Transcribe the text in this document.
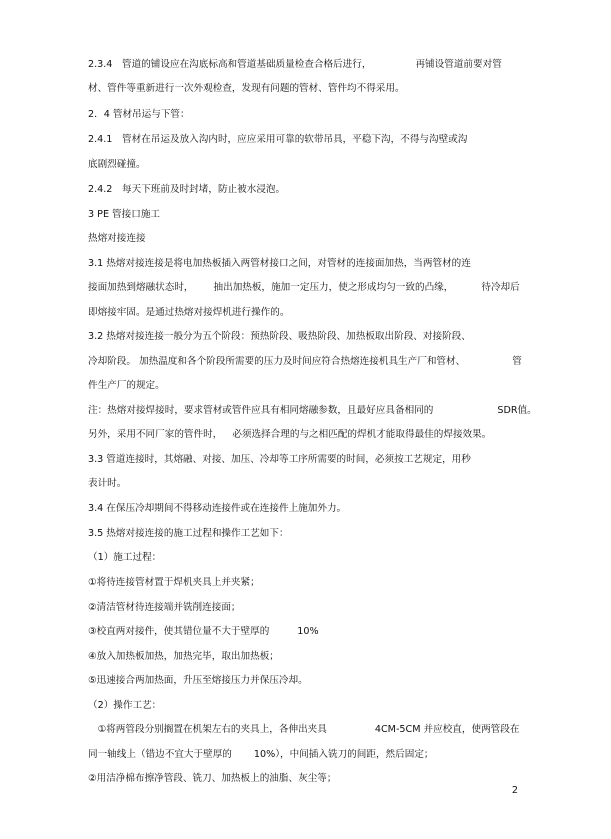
2.3.4　管道的铺设应在沟底标高和管道基础质量检查合格后进行，	再铺设管道前要对管

材、管件等重新进行一次外观检查，发现有问题的管材、管件均不得采用。

2．4 管材吊运与下管：

2.4.1　管材在吊运及放入沟内时，应应采用可靠的软带吊具，平稳下沟，不得与沟壁或沟

底剧烈碰撞。

2.4.2　每天下班前及时封堵，防止被水浸泡。

3 PE 管接口施工

热熔对接连接

3.1 热熔对接连接是将电加热板插入两管材接口之间，对管材的连接面加热，当两管材的连

接面加热到熔融状态时， 抽出加热板，施加一定压力，使之形成均匀一致的凸缘，	待冷却后

即熔接牢固。是通过热熔对接焊机进行操作的。

3.2 热熔对接连接一般分为五个阶段：预热阶段、吸热阶段、加热板取出阶段、对接阶段、

冷却阶段。 加热温度和各个阶段所需要的压力及时间应符合热熔连接机具生产厂和管材、	管

件生产厂的规定。

注：热熔对接焊接时，要求管材或管件应具有相同熔融参数，且最好应具备相同的	SDR值。

另外，采用不同厂家的管件时， 必须选择合理的与之相匹配的焊机才能取得最佳的焊接效果。

3.3 管道连接时，其熔融、对接、加压、冷却等工序所需要的时间，必须按工艺规定，用秒

表计时。

3.4 在保压冷却期间不得移动连接件或在连接件上施加外力。

3.5 热熔对接连接的施工过程和操作工艺如下：

（1）施工过程：

①将待连接管材置于焊机夹具上并夹紧；

②清洁管材待连接端并铣削连接面；

③校直两对接件，使其错位量不大于壁厚的	10%

④放入加热板加热，加热完毕，取出加热板；

⑤迅速接合两加热面，升压至熔接压力并保压冷却。

（2）操作工艺：

　①将两管段分别搁置在机架左右的夹具上，各伸出夹具	4CM-5CM 并应校直，使两管段在

同一轴线上（错边不宜大于壁厚的 10%），中间插入铣刀的间距，然后固定；

②用洁净棉布擦净管段、铣刀、加热板上的油脂、灰尘等；

2
